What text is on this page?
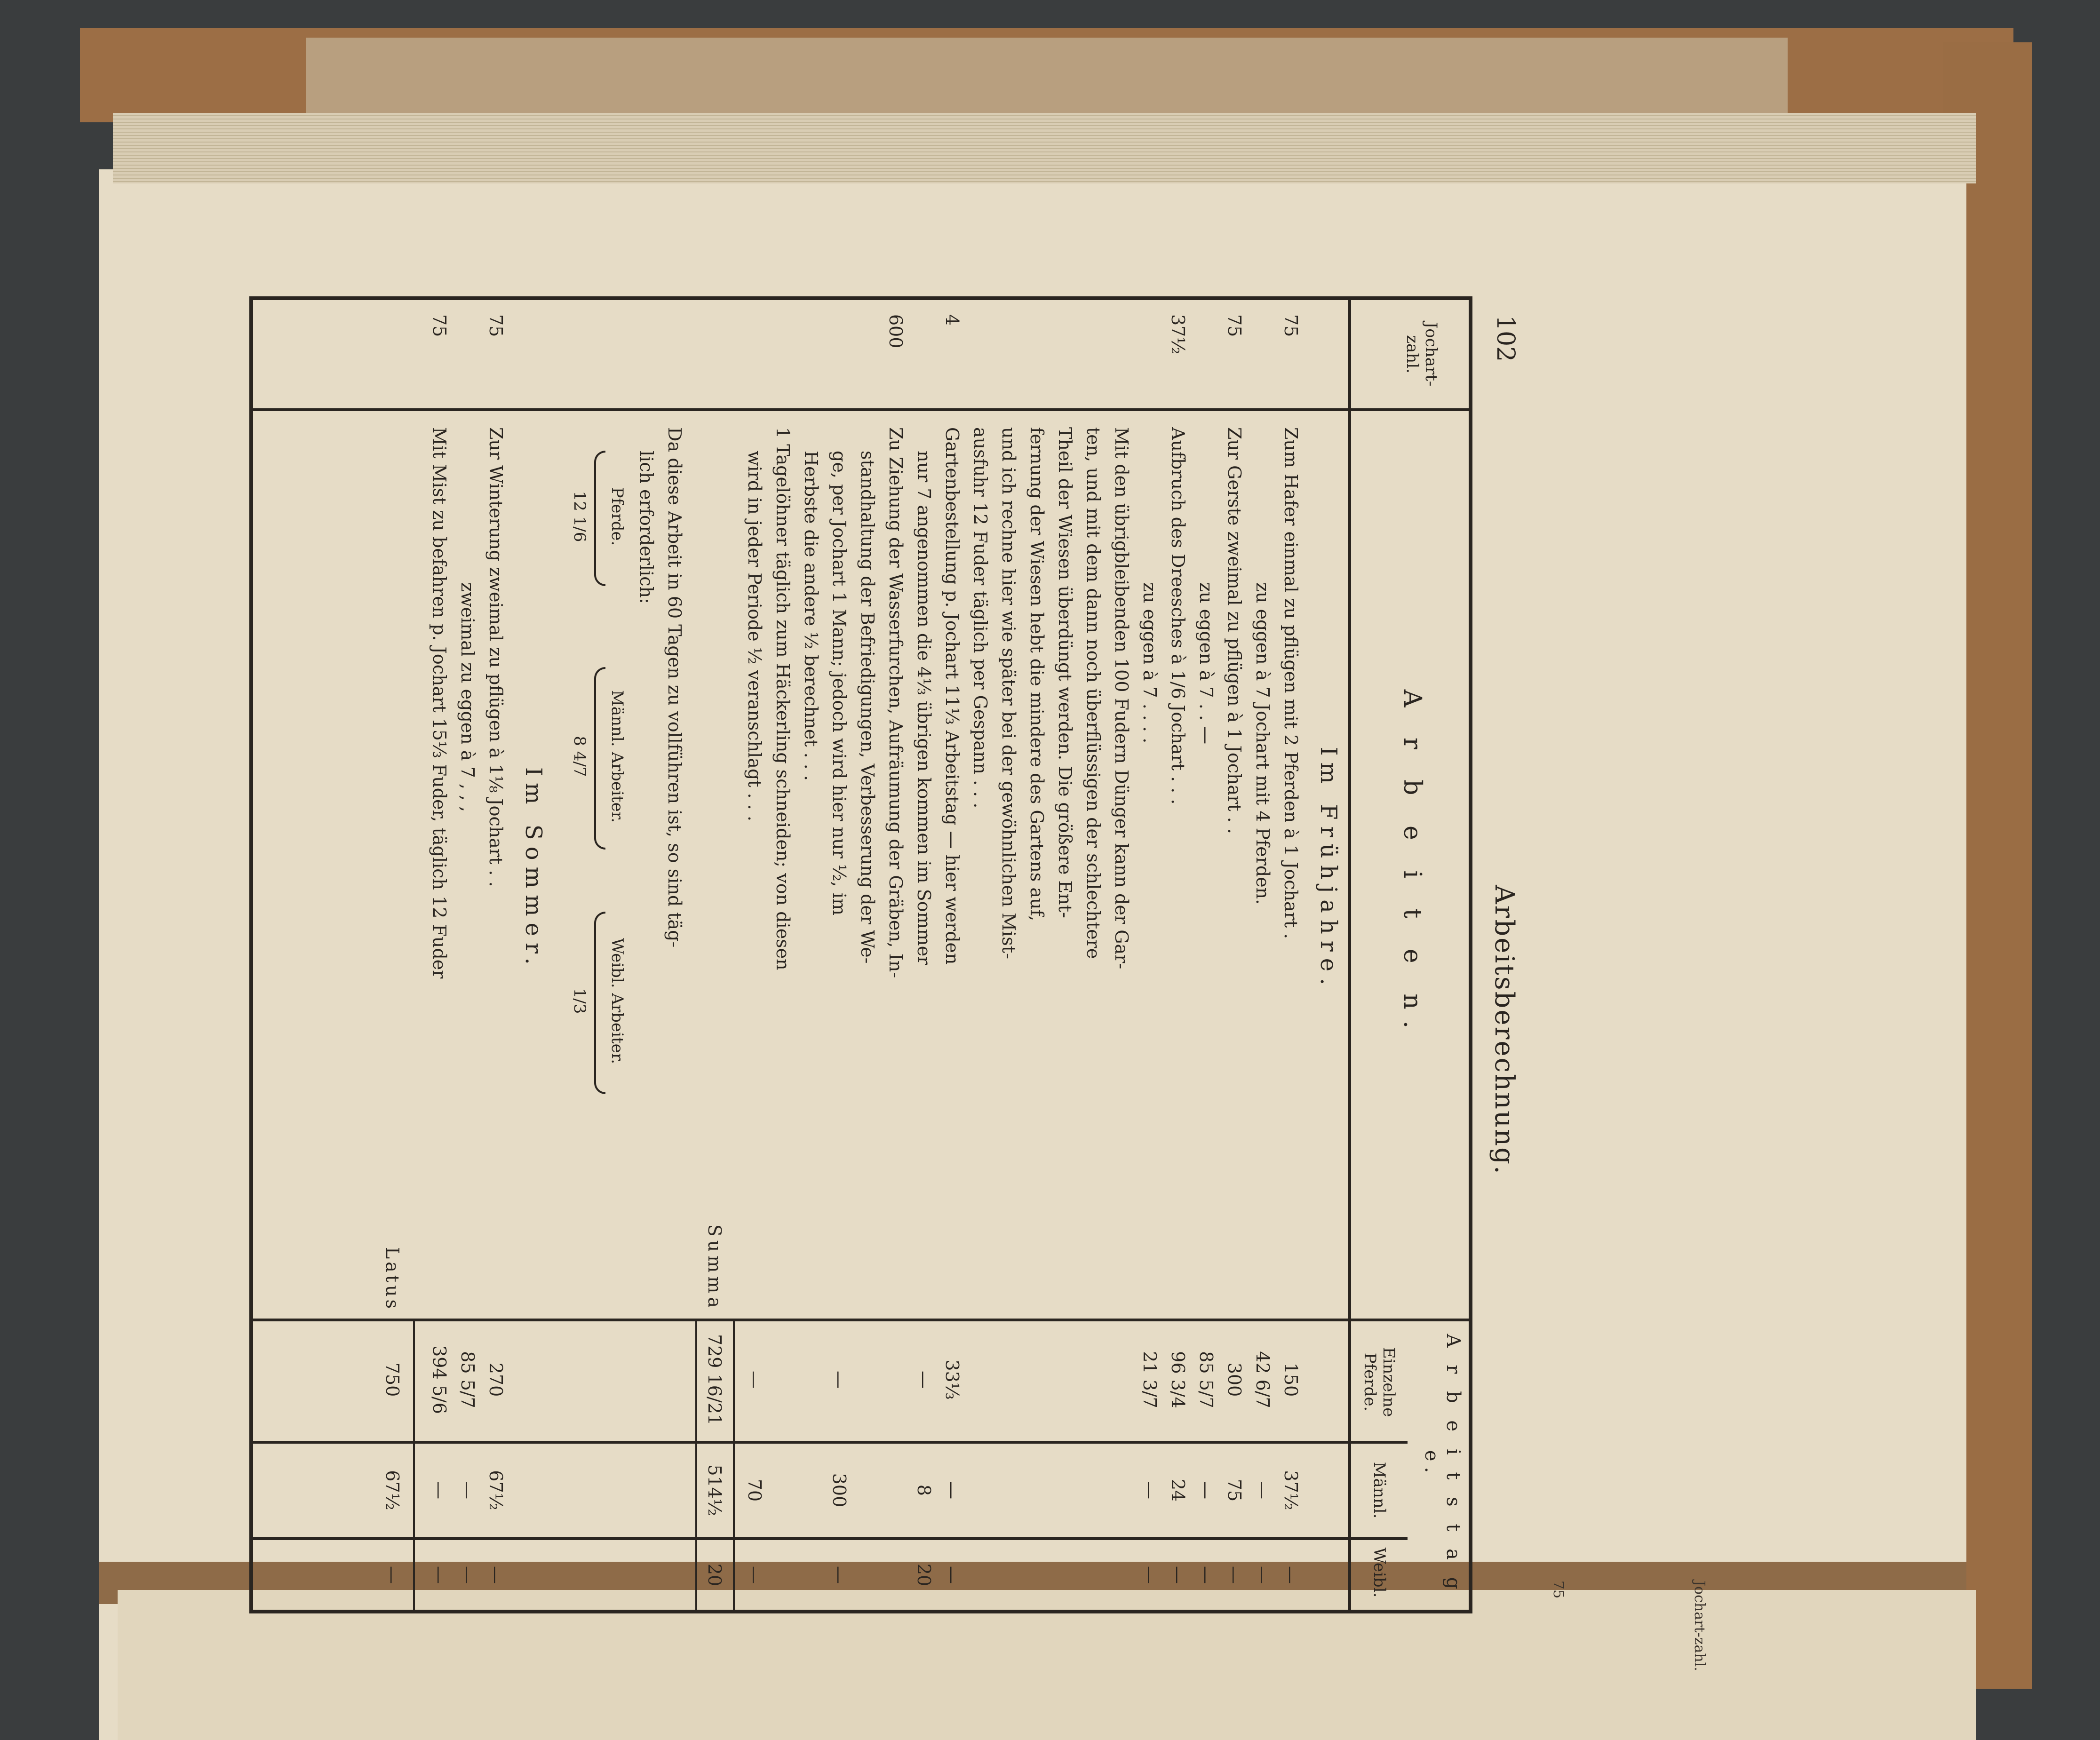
Jochart-zahl.
75
102
Arbeitsberechnung.
Jochart-zahl.
A r b e i t e n.
A r b e i t s t a g e.
Einzelne Pferde.
Männl.
Weibl.
Im Frühjahre.
75
Zum Hafer einmal zu pflügen mit 2 Pferden à 1 Jochart .
150
37½
—
zu eggen à 7 Jochart mit 4 Pferden.
42 6/7
—
—
75
Zur Gerste zweimal zu pflügen à 1 Jochart . .
300
75
—
zu eggen à 7 . . —
85 5/7
—
—
37½
Aufbruch des Dreesches à 1/6 Jochart . . .
96 3/4
24
—
zu eggen à 7 . . . .
21 3/7
—
—
Mit den übrigbleibenden 100 Fudern Dünger kann der Gar-
ten, und mit dem dann noch überflüssigen der schlechtere
Theil der Wiesen überdüngt werden. Die größere Ent-
fernung der Wiesen hebt die mindere des Gartens auf,
und ich rechne hier wie später bei der gewöhnlichen Mist-
ausfuhr 12 Fuder täglich per Gespann . . .
4
Gartenbestellung p. Jochart 11⅓ Arbeitstag — hier werden
33⅓
—
—
nur 7 angenommen die 4⅓ übrigen kommen im Sommer
—
8
20
600
Zu Ziehung der Wasserfurchen, Aufräumung der Gräben, In-
standhaltung der Befriedigungen, Verbesserung der We-
ge, per Jochart 1 Mann; jedoch wird hier nur ½, im
—
300
—
Herbste die andere ½ berechnet . . .
1 Tagelöhner täglich zum Häckerling schneiden; von diesen
wird in jeder Periode ½ veranschlagt . . .
—
70
—
Summa
729 16/21
514½
20
Da diese Arbeit in 60 Tagen zu vollführen ist, so sind täg-
lich erforderlich:
Pferde.
12 1/6
Männl. Arbeiter.
8 4/7
Weibl. Arbeiter.
1/3
Im Sommer.
75
Zur Winterung zweimal zu pflügen à 1⅛ Jochart . .
270
67½
—
zweimal zu eggen à 7 , , ,
85 5/7
—
—
75
Mit Mist zu befahren p. Jochart 15⅓ Fuder, täglich 12 Fuder
394 5/6
—
—
Latus
750
67½
—
